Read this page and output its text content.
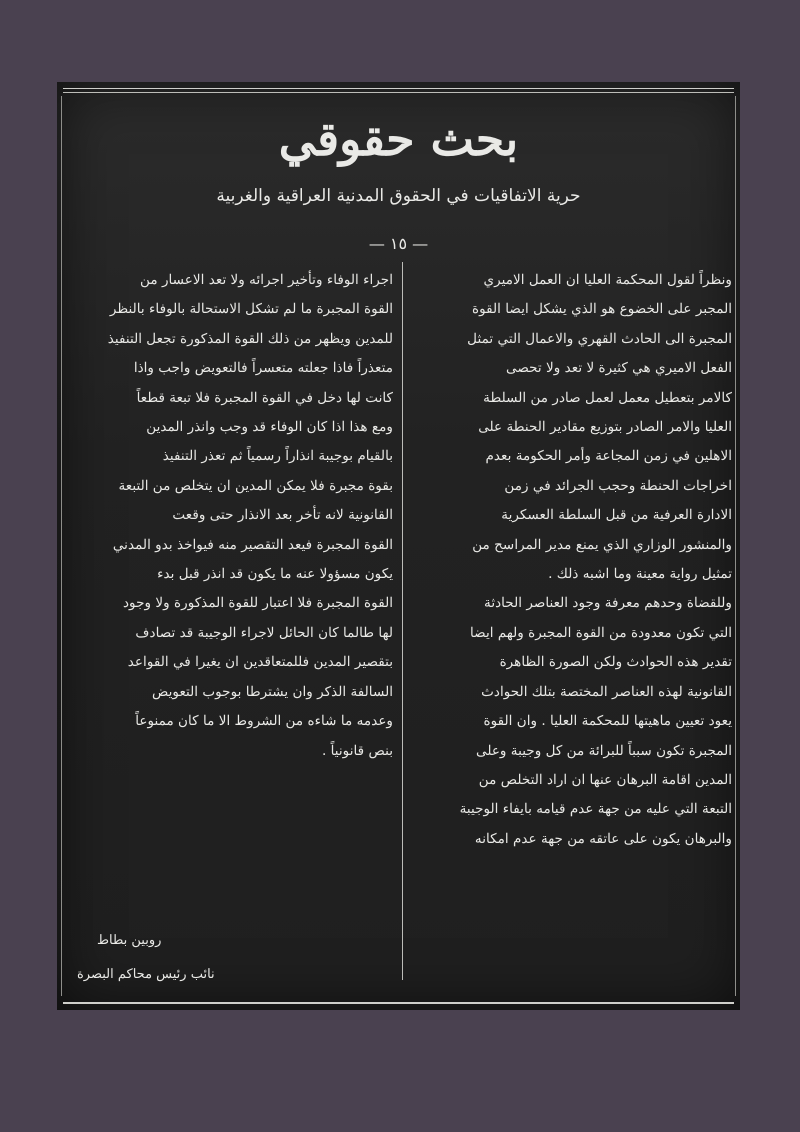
بحث حقوقي
حرية الاتفاقيات في الحقوق المدنية العراقية والغربية
— ١٥ —
ونظراً لقول المحكمة العليا ان العمل الاميري
المجبر على الخضوع هو الذي يشكل ايضا القوة
المجبرة الى الحادث القهري والاعمال التي تمثل
الفعل الاميري هي كثيرة لا تعد ولا تحصى
كالامر بتعطيل معمل لعمل صادر من السلطة
العليا والامر الصادر بتوزيع مقادير الحنطة على
الاهلين في زمن المجاعة وأمر الحكومة بعدم
اخراجات الحنطة وحجب الجرائد في زمن
الادارة العرفية من قبل السلطة العسكرية
والمنشور الوزاري الذي يمنع مدير المراسح من
تمثيل رواية معينة وما اشبه ذلك .
وللقضاة وحدهم معرفة وجود العناصر الحادثة
التي تكون معدودة من القوة المجبرة ولهم ايضا
تقدير هذه الحوادث ولكن الصورة الظاهرة
القانونية لهذه العناصر المختصة بتلك الحوادث
يعود تعيين ماهيتها للمحكمة العليا . وان القوة
المجبرة تكون سبباً للبرائة من كل وجيبة وعلى
المدين اقامة البرهان عنها ان اراد التخلص من
التبعة التي عليه من جهة عدم قيامه بايفاء الوجيبة
والبرهان يكون على عاتقه من جهة عدم امكانه
اجراء الوفاء وتأخير اجرائه ولا تعد الاعسار من
القوة المجبرة ما لم تشكل الاستحالة بالوفاء بالنظر
للمدين ويظهر من ذلك القوة المذكورة تجعل التنفيذ
متعذراً فاذا جعلته متعسراً فالتعويض واجب واذا
كانت لها دخل في القوة المجبرة فلا تبعة قطعاً
ومع هذا اذا كان الوفاء قد وجب وانذر المدين
بالقيام بوجيبة انذاراً رسمياً ثم تعذر التنفيذ
بقوة مجبرة فلا يمكن المدين ان يتخلص من التبعة
القانونية لانه تأخر بعد الانذار حتى وقعت
القوة المجبرة فيعد التقصير منه فيواخذ بدو المدني
يكون مسؤولا عنه ما يكون قد انذر قبل بدء
القوة المجبرة فلا اعتبار للقوة المذكورة ولا وجود
لها طالما كان الحائل لاجراء الوجيبة قد تصادف
بتقصير المدين فللمتعاقدين ان يغيرا في القواعد
السالفة الذكر وان يشترطا بوجوب التعويض
وعدمه ما شاءه من الشروط الا ما كان ممنوعاً
بنص قانونياً .
روبين بطاط
نائب رئيس محاكم البصرة
